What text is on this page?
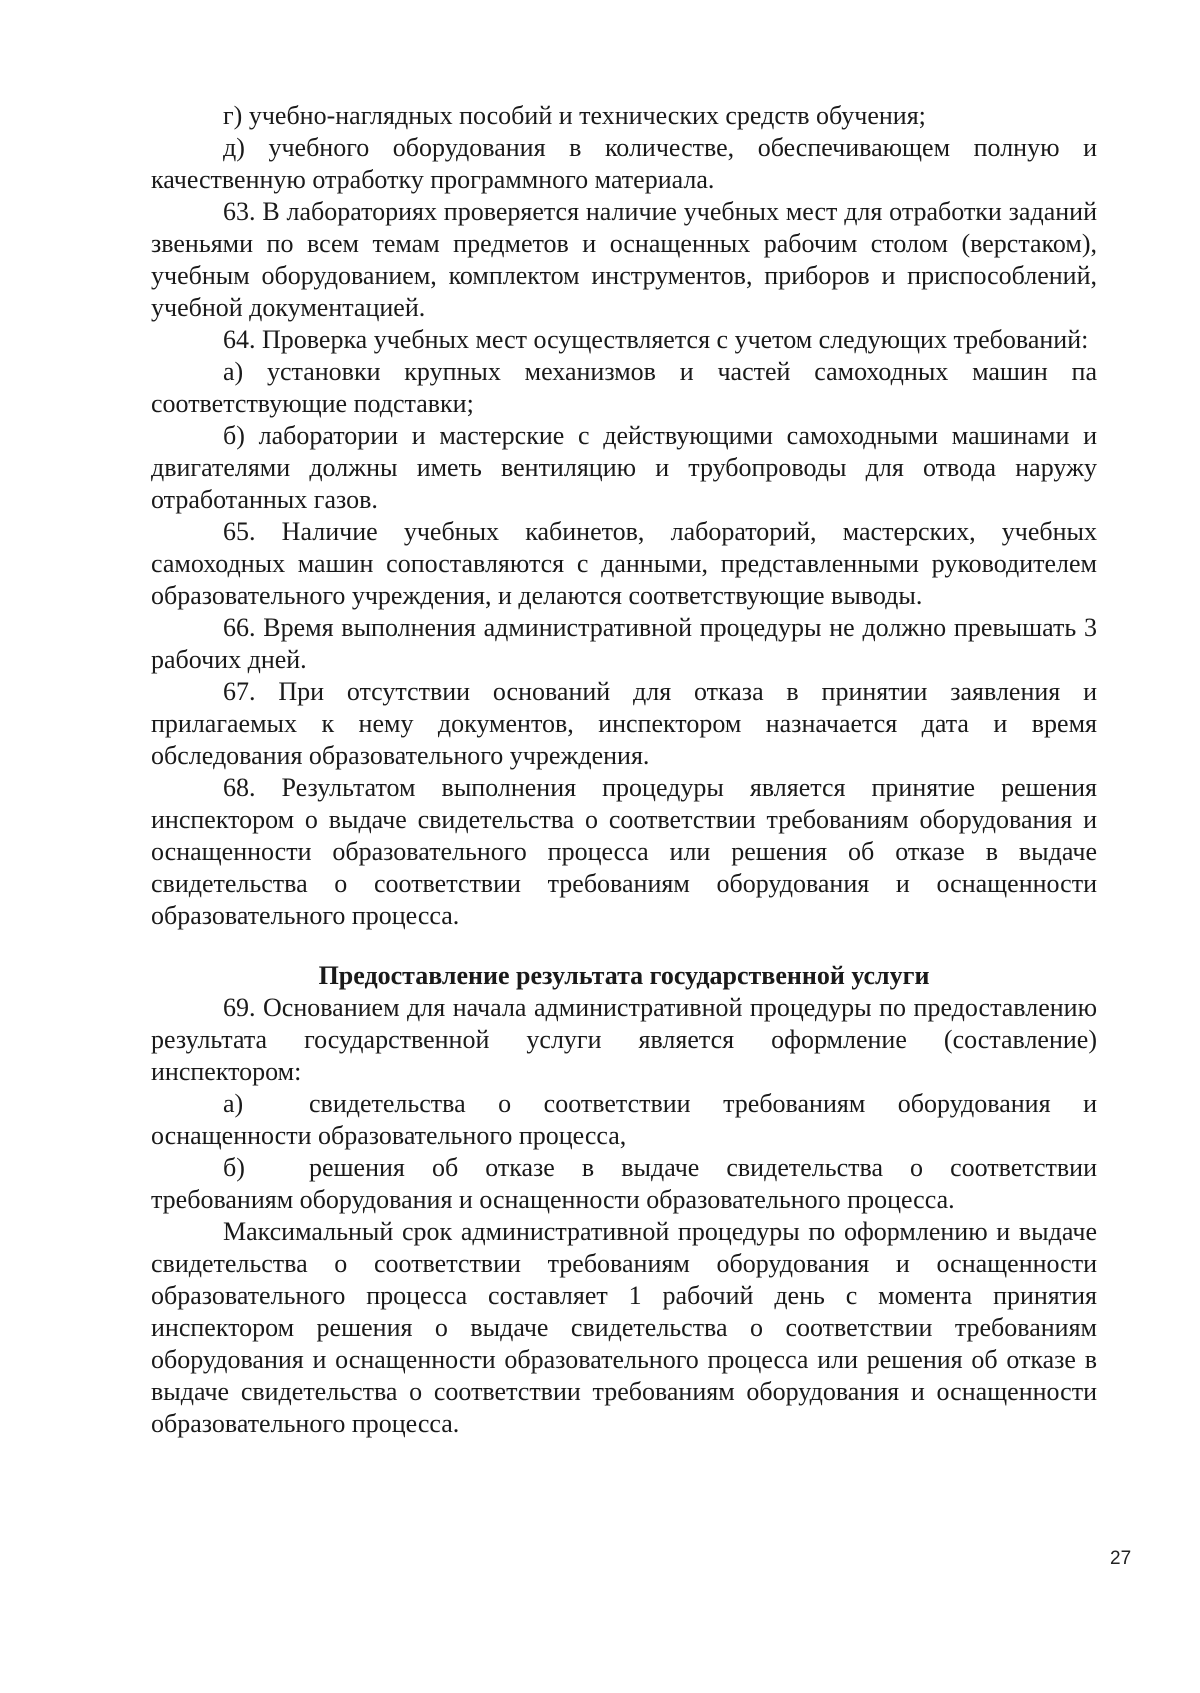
г) учебно-наглядных пособий и технических средств обучения;

д) учебного оборудования в количестве, обеспечивающем полную и качественную отработку программного материала.

63. В лабораториях проверяется наличие учебных мест для отработки заданий звеньями по всем темам предметов и оснащенных рабочим столом (верстаком), учебным оборудованием, комплектом инструментов, приборов и приспособлений, учебной документацией.

64. Проверка учебных мест осуществляется с учетом следующих требований:

а) установки крупных механизмов и частей самоходных машин па соответствующие подставки;

б) лаборатории и мастерские с действующими самоходными машинами и двигателями должны иметь вентиляцию и трубопроводы для отвода наружу отработанных газов.

65. Наличие учебных кабинетов, лабораторий, мастерских, учебных самоходных машин сопоставляются с данными, представленными руководителем образовательного учреждения, и делаются соответствующие выводы.

66. Время выполнения административной процедуры не должно превышать 3 рабочих дней.

67. При отсутствии оснований для отказа в принятии заявления и прилагаемых к нему документов, инспектором назначается дата и время обследования образовательного учреждения.

68. Результатом выполнения процедуры является принятие решения инспектором о выдаче свидетельства о соответствии требованиям оборудования и оснащенности образовательного процесса или решения об отказе в выдаче свидетельства о соответствии требованиям оборудования и оснащенности образовательного процесса.

Предоставление результата государственной услуги

69. Основанием для начала административной процедуры по предоставлению результата государственной услуги является оформление (составление) инспектором:

а)	свидетельства о соответствии требованиям оборудования и оснащенности образовательного процесса,

б) решения об отказе в выдаче свидетельства о соответствии требованиям оборудования и оснащенности образовательного процесса.

Максимальный срок административной процедуры по оформлению и выдаче свидетельства о соответствии требованиям оборудования и оснащенности образовательного процесса составляет 1 рабочий день с момента принятия инспектором решения о выдаче свидетельства о соответствии требованиям оборудования и оснащенности образовательного процесса или решения об отказе в выдаче свидетельства о соответствии требованиям оборудования и оснащенности образовательного процесса.

27
